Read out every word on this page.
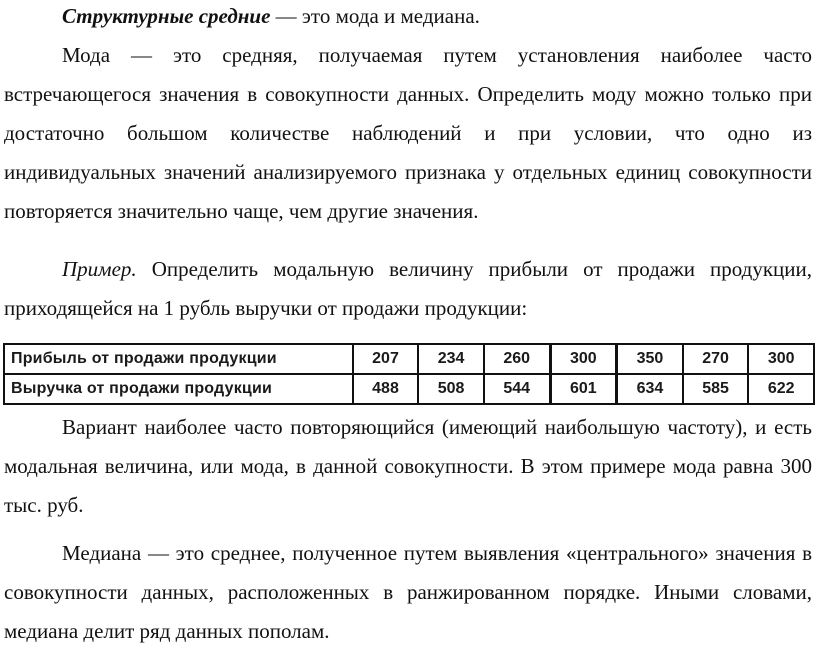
Структурные средние — это мода и медиана.

Мода — это средняя, получаемая путем установления наиболее часто встречающегося значения в совокупности данных. Определить моду можно только при достаточно большом количестве наблюдений и при условии, что одно из индивидуальных значений анализируемого признака у отдельных единиц совокупности повторяется значительно чаще, чем другие значения.

Пример. Определить модальную величину прибыли от продажи продукции, приходящейся на 1 рубль выручки от продажи продукции:

Прибыль от продажи продукции	207	234	260	300	350	270	300
Выручка от продажи продукции	488	508	544	601	634	585	622

Вариант наиболее часто повторяющийся (имеющий наибольшую частоту), и есть модальная величина, или мода, в данной совокупности. В этом примере мода равна 300 тыс. руб.

Медиана — это среднее, полученное путем выявления «центрального» значения в совокупности данных, расположенных в ранжированном порядке. Иными словами, медиана делит ряд данных пополам.
